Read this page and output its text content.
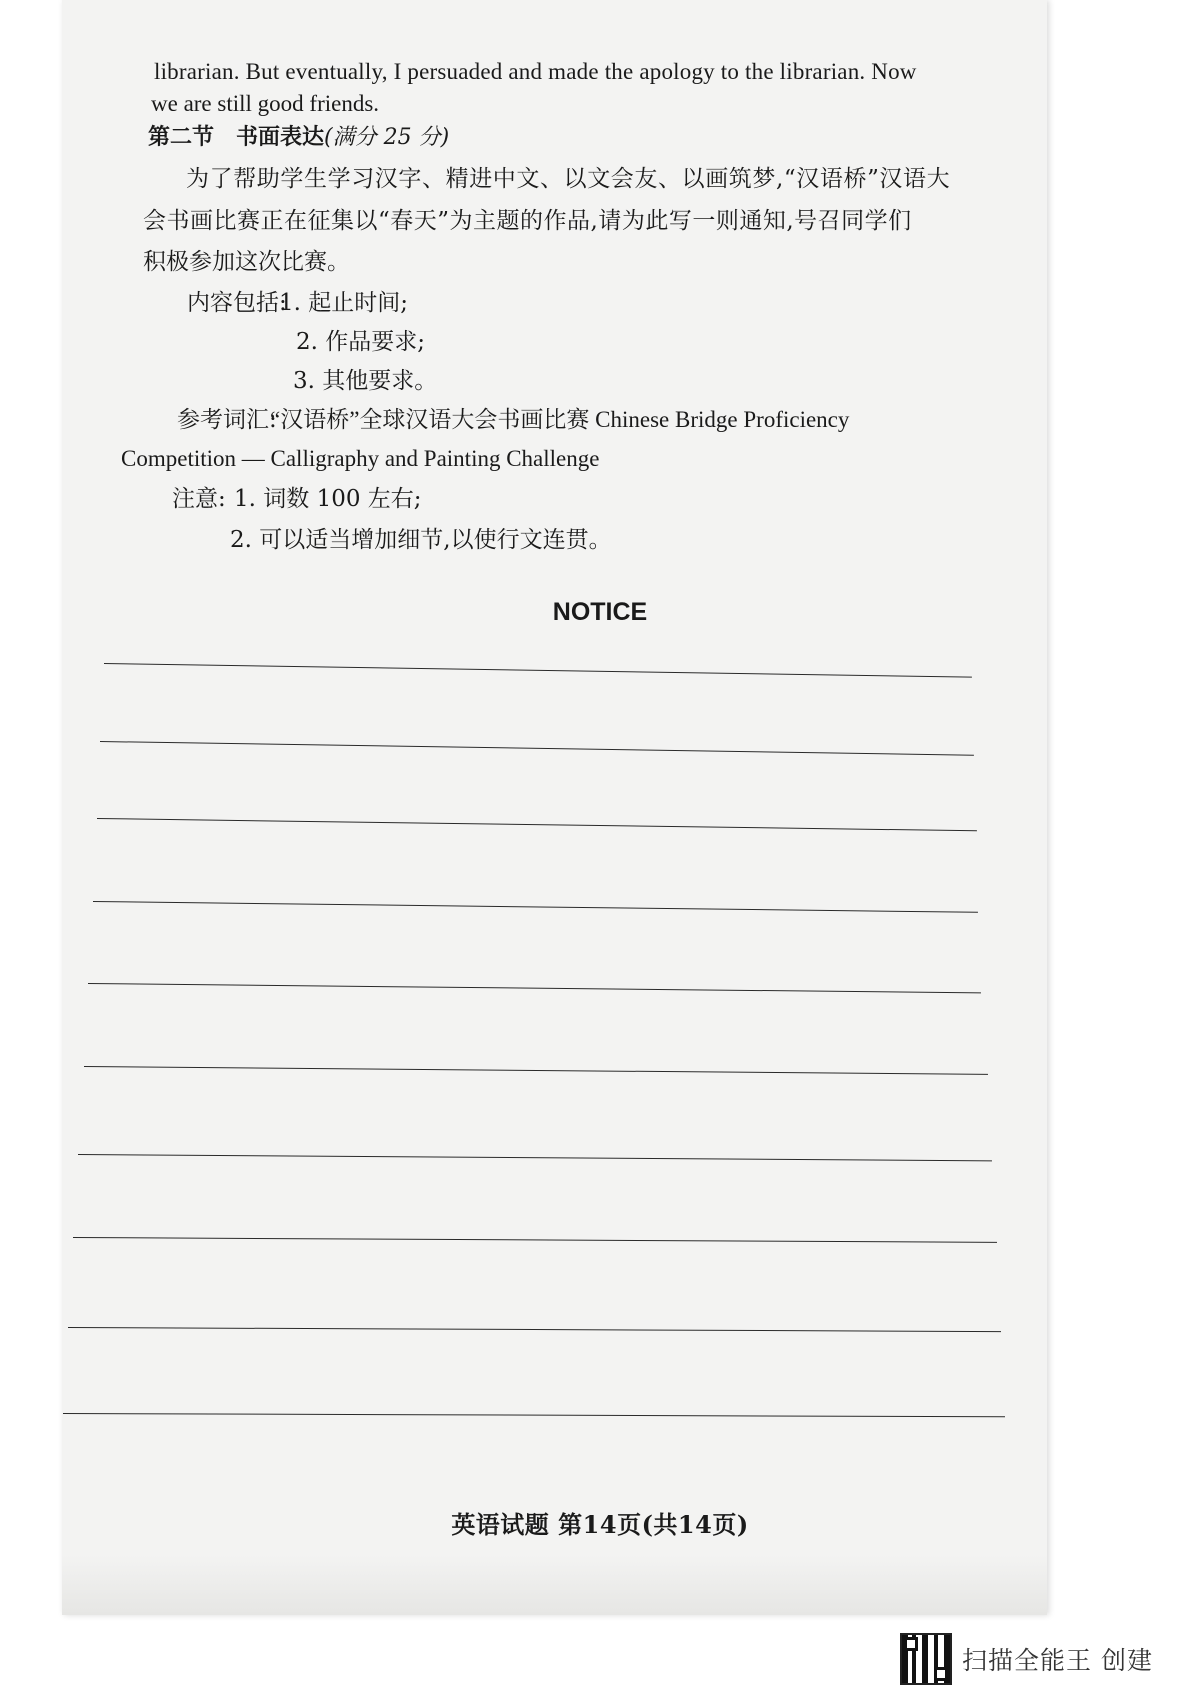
librarian. But eventually, I persuaded and made the apology to the librarian. Now
we are still good friends.
第二节　书面表达(满分 25 分)
为了帮助学生学习汉字、精进中文、以文会友、以画筑梦,“汉语桥”汉语大
会书画比赛正在征集以“春天”为主题的作品,请为此写一则通知,号召同学们
积极参加这次比赛。
内容包括:
1. 起止时间;
2. 作品要求;
3. 其他要求。
参考词汇:
“汉语桥”全球汉语大会书画比赛 Chinese Bridge Proficiency
Competition — Calligraphy and Painting Challenge
注意: 1. 词数 100 左右;
2. 可以适当增加细节,以使行文连贯。
NOTICE
英语试题 第14页(共14页)
扫描全能王 创建
